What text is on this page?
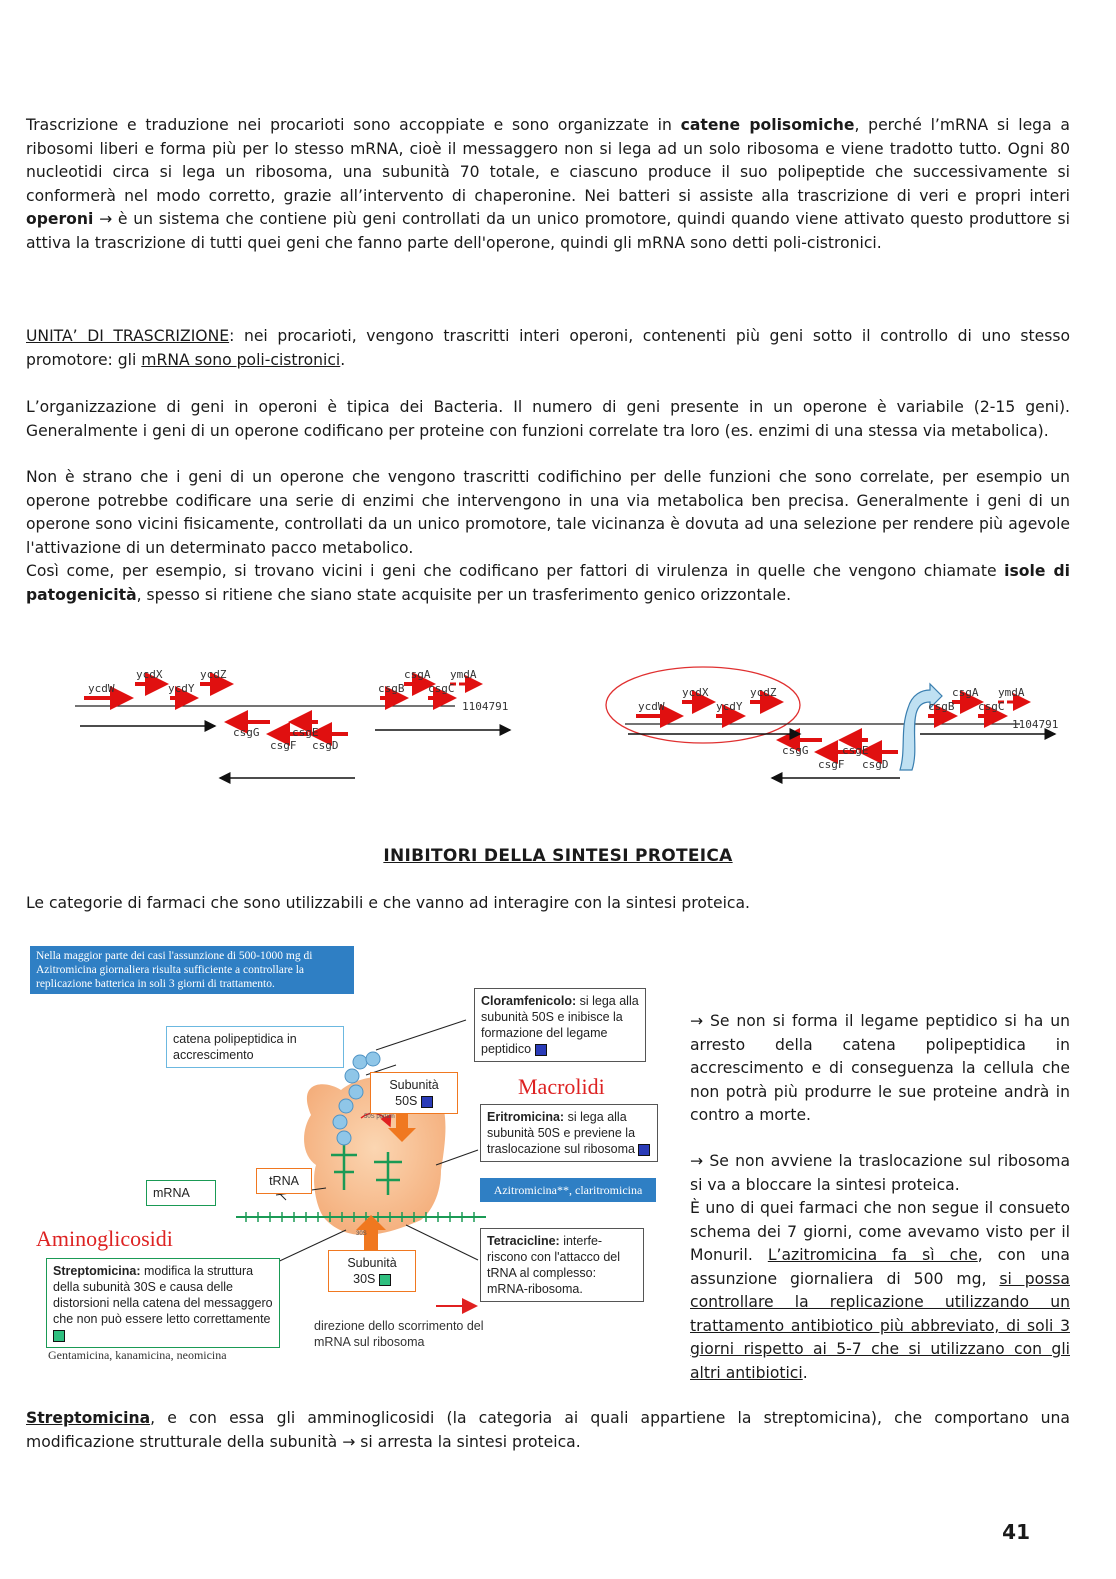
Trascrizione e traduzione nei procarioti sono accoppiate e sono organizzate in catene polisomiche, perché l’mRNA si lega a ribosomi liberi e forma più per lo stesso mRNA, cioè il messaggero non si lega ad un solo ribosoma e viene tradotto tutto. Ogni 80 nucleotidi circa si lega un ribosoma, una subunità 70 totale, e ciascuno produce il suo polipeptide che successivamente si conformerà nel modo corretto, grazie all’intervento di chaperonine. Nei batteri si assiste alla trascrizione di veri e propri interi operoni → è un sistema che contiene più geni controllati da un unico promotore, quindi quando viene attivato questo produttore si attiva la trascrizione di tutti quei geni che fanno parte dell'operone, quindi gli mRNA sono detti poli-cistronici.

UNITA’ DI TRASCRIZIONE: nei procarioti, vengono trascritti interi operoni, contenenti più geni sotto il controllo di uno stesso promotore: gli mRNA sono poli-cistronici.

L’organizzazione di geni in operoni è tipica dei Bacteria. Il numero di geni presente in un operone è variabile (2-15 geni). Generalmente i geni di un operone codificano per proteine con funzioni correlate tra loro (es. enzimi di una stessa via metabolica).

Non è strano che i geni di un operone che vengono trascritti codifichino per delle funzioni che sono correlate, per esempio un operone potrebbe codificare una serie di enzimi che intervengono in una via metabolica ben precisa. Generalmente i geni di un operone sono vicini fisicamente, controllati da un unico promotore, tale vicinanza è dovuta ad una selezione per rendere più agevole l'attivazione di un determinato pacco metabolico.

Così come, per esempio, si trovano vicini i geni che codificano per fattori di virulenza in quelle che vengono chiamate isole di patogenicità, spesso si ritiene che siano state acquisite per un trasferimento genico orizzontale.

ycdX	ycdZ
ycdW	ycdY
csgA ymdA
csgB csgC
csgG	csgE
csgF csgD
1104791
ycdX	ycdZ
ycdW	ycdY
csgA ymdA
csgB csgC
csgG	csgE
csgF csgD
1104791
INIBITORI DELLA SINTESI PROTEICA

Le categorie di farmaci che sono utilizzabili e che vanno ad interagire con la sintesi proteica.

Nella maggior parte dei casi l'assunzione di 500-1000 mg di Azitromicina giornaliera risulta sufficiente a controllare la replicazione batterica in soli 3 giorni di trattamento.
50S portion
30S
Cloramfenicolo: si lega alla subunità 50S e inibisce la formazione del legame peptidico
catena polipeptidica in accrescimento
Subunità 50S
Macrolidi
Eritromicina: si lega alla subunità 50S e previene la traslocazione sul ribosoma
Azitromicina**, claritromicina
tRNA
mRNA
Aminoglicosidi
Streptomicina: modifica la struttura della subunità 30S e causa delle distorsioni nella catena del messaggero che non può essere letto correttamente
Gentamicina, kanamicina, neomicina
Subunità 30S
Tetracicline: interfe- riscono con l'attacco del tRNA al complesso: mRNA-ribosoma.
direzione dello scorrimento del mRNA sul ribosoma

→ Se non si forma il legame peptidico si ha un arresto della catena polipeptidica in accrescimento e di conseguenza la cellula che non potrà più produrre le sue proteine andrà in contro a morte.

→ Se non avviene la traslocazione sul ribosoma si va a bloccare la sintesi proteica.

È uno di quei farmaci che non segue il consueto schema dei 7 giorni, come avevamo visto per il Monuril. L’azitromicina fa sì che, con una assunzione giornaliera di 500 mg, si possa controllare la replicazione utilizzando un trattamento antibiotico più abbreviato, di soli 3 giorni rispetto ai 5-7 che si utilizzano con gli altri antibiotici.

Streptomicina, e con essa gli amminoglicosidi (la categoria ai quali appartiene la streptomicina), che comportano una modificazione strutturale della subunità → si arresta la sintesi proteica.

41
